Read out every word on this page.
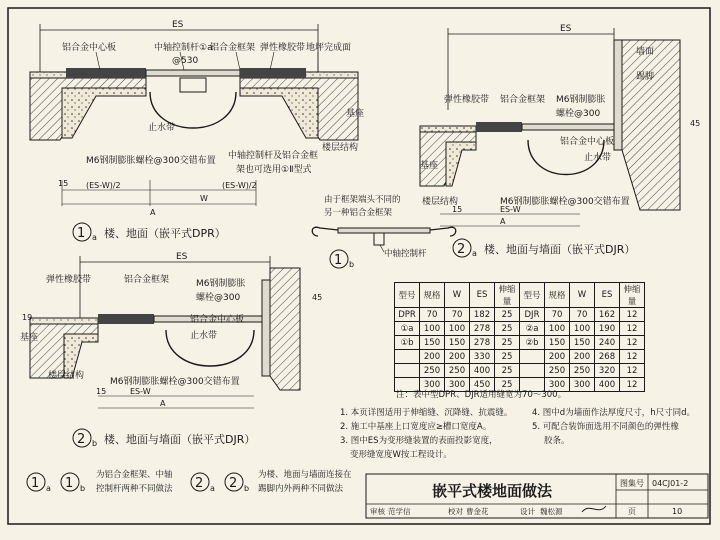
ES
铝合金中心板	中轴控制杆①a
@530
铝合金框架 弹性橡胶带 地坪完成面
基座
止水带
楼层结构
M6钢制膨胀螺栓@300交错布置 中轴控制杆及铝合金框
架也可选用①Ⅱ型式
15 (ES-W)/2	(ES-W)/2
W
A
1 a 楼、地面（嵌平式DPR）
由于框架端头不同的
另一种铝合金框架
中轴控制杆
1 b
ES
墙面
踢脚
弹性橡胶带 铝合金框架 M6钢制膨胀
螺栓@300
铝合金中心板
止水带
基座
楼层结构	M6钢制膨胀螺栓@300交错布置
45
15	ES-W
A
2 a 楼、地面与墙面（嵌平式DJR）
ES
弹性橡胶带	铝合金框架	M6钢制膨胀
螺栓@300
铝合金中心板
止水带
基座
楼层结构
M6钢制膨胀螺栓@300交错布置
19
45
15	ES-W
A
2 b 楼、地面与墙面（嵌平式DJR）
1 a 1 b
为铝合金框架、中轴
控制杆两种不同做法 2 a 2 b
为楼、地面与墙面连接在
踢脚内外两种不同做法	嵌平式楼地面做法	图集号 04CJ01-2
页	10
审核 范学信	校对 曹金花	设计 魏松源
型号	规格	W	ES	伸缩量	型号	规格	W	ES	伸缩量
DPR	70	70	182	25	DJR	70	70	162	12
①a	100	100	278	25	②a	100	100	190	12
①b	150	150	278	25	②b	150	150	240	12
	200	200	330	25		200	200	268	12
	250	250	400	25		250	250	320	12
	300	300	450	25		300	300	400	12
注：表中型DPR、DJR适用缝宽为70～300。
1. 本页详图适用于伸缩缝、沉降缝、抗震缝。
2. 施工中基座上口宽度应≥槽口宽度A。
3. 图中ES为变形缝装置的表面投影宽度，
变形缝宽度W按工程设计。
4. 图中d为墙面作法厚度尺寸，h尺寸同d。
5. 可配合装饰面选用不同颜色的弹性橡
胶条。
